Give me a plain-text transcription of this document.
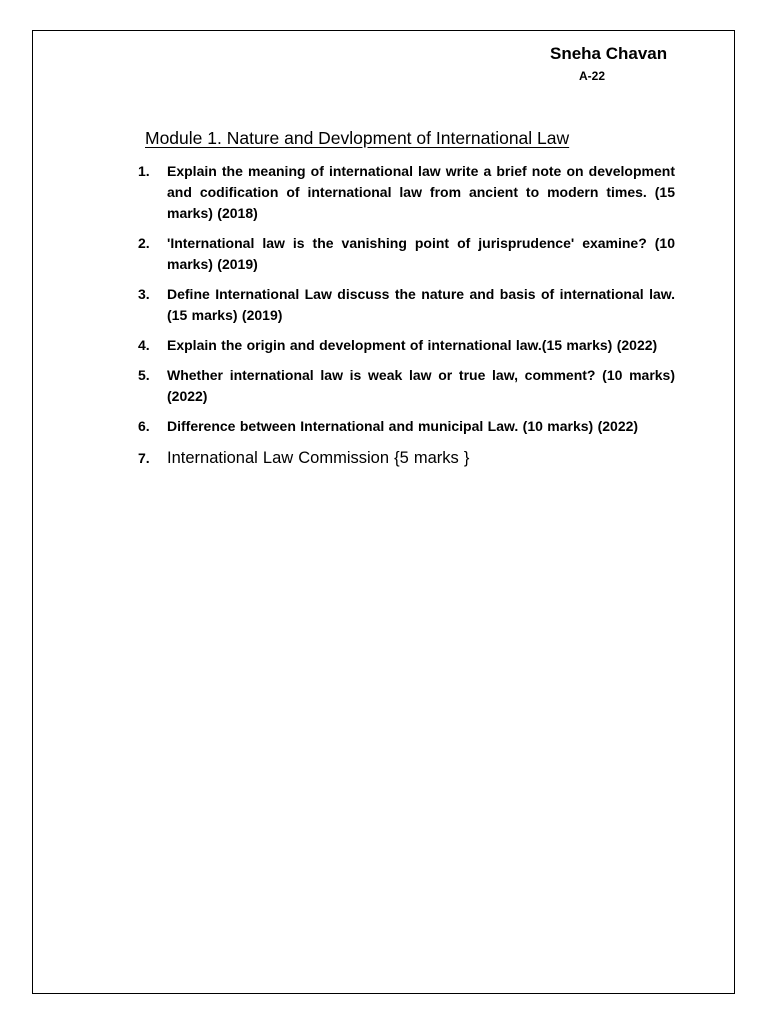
Sneha Chavan
A-22
Module 1. Nature and Devlopment of International Law
1.	Explain the meaning of international law write a brief note on development and codification of international law from ancient to modern times. (15 marks) (2018)
2.	'International law is the vanishing point of jurisprudence' examine? (10 marks) (2019)
3.	Define International Law discuss the nature and basis of international law. (15 marks) (2019)
4.	Explain the origin and development of international law.(15 marks) (2022)
5.	Whether international law is weak law or true law, comment? (10 marks) (2022)
6.	Difference between International and municipal Law. (10 marks) (2022)
7.	International Law Commission {5 marks }
